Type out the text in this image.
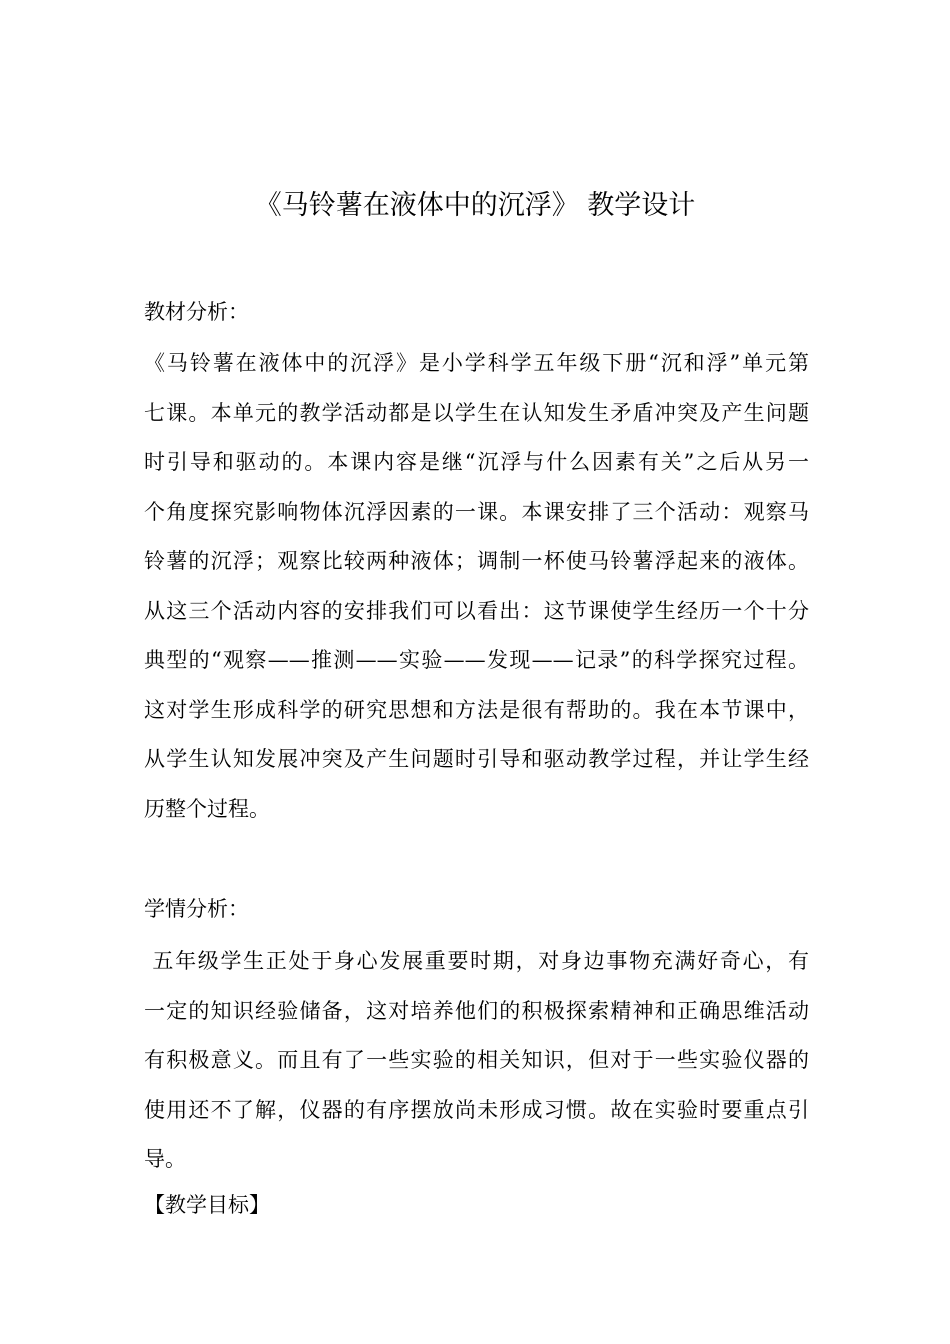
《马铃薯在液体中的沉浮》 教学设计
教材分析：
《马铃薯在液体中的沉浮》是小学科学五年级下册“沉和浮”单元第
七课。本单元的教学活动都是以学生在认知发生矛盾冲突及产生问题
时引导和驱动的。本课内容是继“沉浮与什么因素有关”之后从另一
个角度探究影响物体沉浮因素的一课。本课安排了三个活动：观察马
铃薯的沉浮；观察比较两种液体；调制一杯使马铃薯浮起来的液体。
从这三个活动内容的安排我们可以看出：这节课使学生经历一个十分
典型的“观察——推测——实验——发现——记录”的科学探究过程。
这对学生形成科学的研究思想和方法是很有帮助的。我在本节课中，
从学生认知发展冲突及产生问题时引导和驱动教学过程，并让学生经
历整个过程。
学情分析：
五年级学生正处于身心发展重要时期，对身边事物充满好奇心，有
一定的知识经验储备，这对培养他们的积极探索精神和正确思维活动
有积极意义。而且有了一些实验的相关知识，但对于一些实验仪器的
使用还不了解，仪器的有序摆放尚未形成习惯。故在实验时要重点引
导。
【教学目标】
